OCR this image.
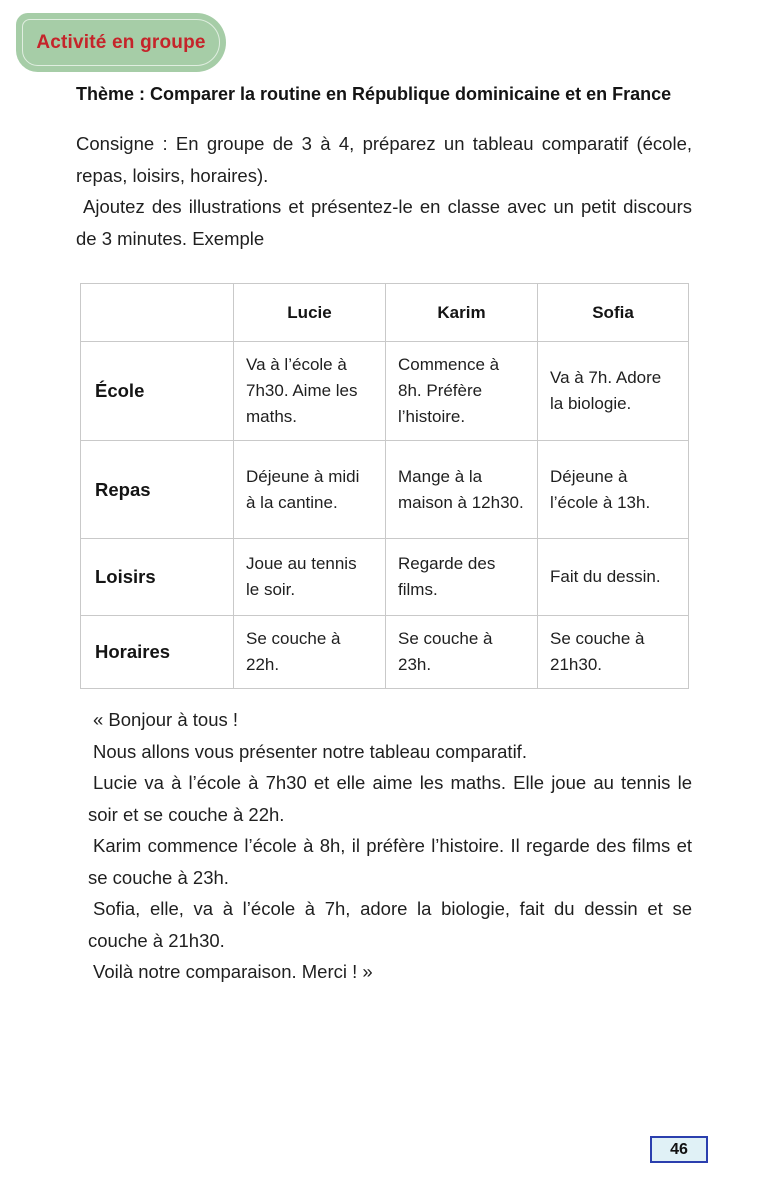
Activité en groupe

Thème : Comparer la routine en République dominicaine et en France

Consigne : En groupe de 3 à 4, préparez un tableau comparatif (école, repas, loisirs, horaires).

Ajoutez des illustrations et présentez-le en classe avec un petit discours de 3 minutes. Exemple

	Lucie	Karim	Sofia
École	Va à l’école à 7h30. Aime les maths.	Commence à 8h. Préfère l’histoire.	Va à 7h. Adore la biologie.
Repas	Déjeune à midi à la cantine.	Mange à la maison à 12h30.	Déjeune à l’école à 13h.
Loisirs	Joue au tennis le soir.	Regarde des films.	Fait du dessin.
Horaires	Se couche à 22h.	Se couche à 23h.	Se couche à 21h30.

« Bonjour à tous !

Nous allons vous présenter notre tableau comparatif.

Lucie va à l’école à 7h30 et elle aime les maths. Elle joue au tennis le soir et se couche à 22h.

Karim commence l’école à 8h, il préfère l’histoire. Il regarde des films et se couche à 23h.

Sofia, elle, va à l’école à 7h, adore la biologie, fait du dessin et se couche à 21h30.

Voilà notre comparaison. Merci ! »

46
